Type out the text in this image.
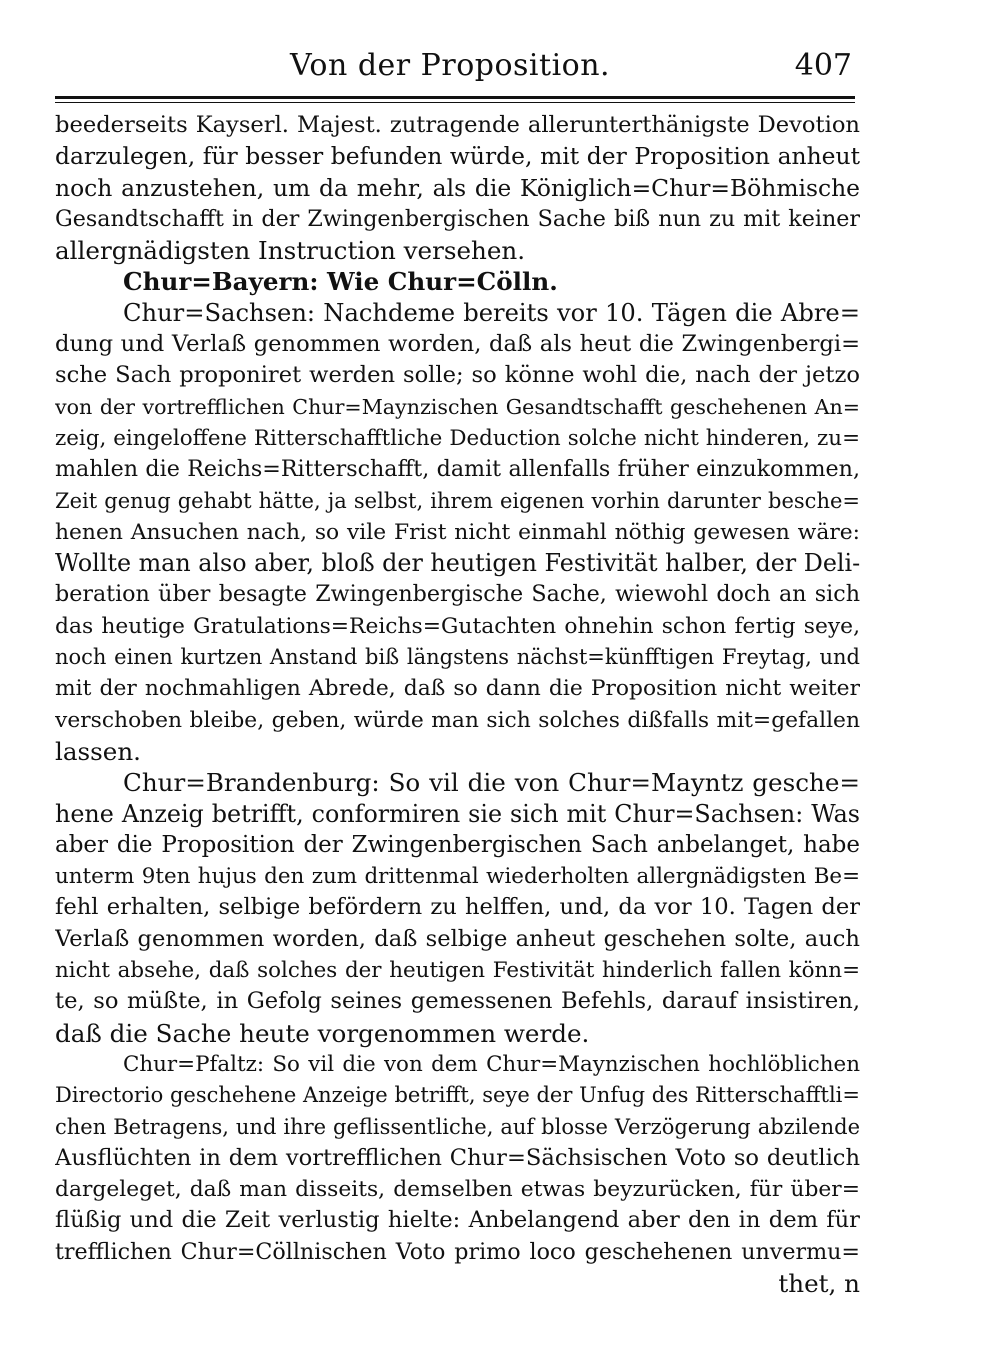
Von der Proposition.	407
beederseits Kayserl. Majest. zutragende allerunterthänigste Devotion
darzulegen, für besser befunden würde, mit der Proposition anheut
noch anzustehen, um da mehr, als die Königlich=Chur=Böhmische
Gesandtschafft in der Zwingenbergischen Sache biß nun zu mit keiner
allergnädigsten Instruction versehen.
Chur=Bayern: Wie Chur=Cölln.
Chur=Sachsen: Nachdeme bereits vor 10. Tägen die Abre=
dung und Verlaß genommen worden, daß als heut die Zwingenbergi=
sche Sach proponiret werden solle; so könne wohl die, nach der jetzo
von der vortrefflichen Chur=Maynzischen Gesandtschafft geschehenen An=
zeig, eingeloffene Ritterschafftliche Deduction solche nicht hinderen, zu=
mahlen die Reichs=Ritterschafft, damit allenfalls früher einzukommen,
Zeit genug gehabt hätte, ja selbst, ihrem eigenen vorhin darunter besche=
henen Ansuchen nach, so vile Frist nicht einmahl nöthig gewesen wäre:
Wollte man also aber, bloß der heutigen Festivität halber, der Deli-
beration über besagte Zwingenbergische Sache, wiewohl doch an sich
das heutige Gratulations=Reichs=Gutachten ohnehin schon fertig seye,
noch einen kurtzen Anstand biß längstens nächst=künfftigen Freytag, und
mit der nochmahligen Abrede, daß so dann die Proposition nicht weiter
verschoben bleibe, geben, würde man sich solches dißfalls mit=gefallen
lassen.
Chur=Brandenburg: So vil die von Chur=Mayntz gesche=
hene Anzeig betrifft, conformiren sie sich mit Chur=Sachsen: Was
aber die Proposition der Zwingenbergischen Sach anbelanget, habe
unterm 9ten hujus den zum drittenmal wiederholten allergnädigsten Be=
fehl erhalten, selbige befördern zu helffen, und, da vor 10. Tagen der
Verlaß genommen worden, daß selbige anheut geschehen solte, auch
nicht absehe, daß solches der heutigen Festivität hinderlich fallen könn=
te, so müßte, in Gefolg seines gemessenen Befehls, darauf insistiren,
daß die Sache heute vorgenommen werde.
Chur=Pfaltz: So vil die von dem Chur=Maynzischen hochlöblichen
Directorio geschehene Anzeige betrifft, seye der Unfug des Ritterschafftli=
chen Betragens, und ihre geflissentliche, auf blosse Verzögerung abzilende
Ausflüchten in dem vortrefflichen Chur=Sächsischen Voto so deutlich
dargeleget, daß man disseits, demselben etwas beyzurücken, für über=
flüßig und die Zeit verlustig hielte: Anbelangend aber den in dem für
trefflichen Chur=Cöllnischen Voto primo loco geschehenen unvermu=
thet, n
